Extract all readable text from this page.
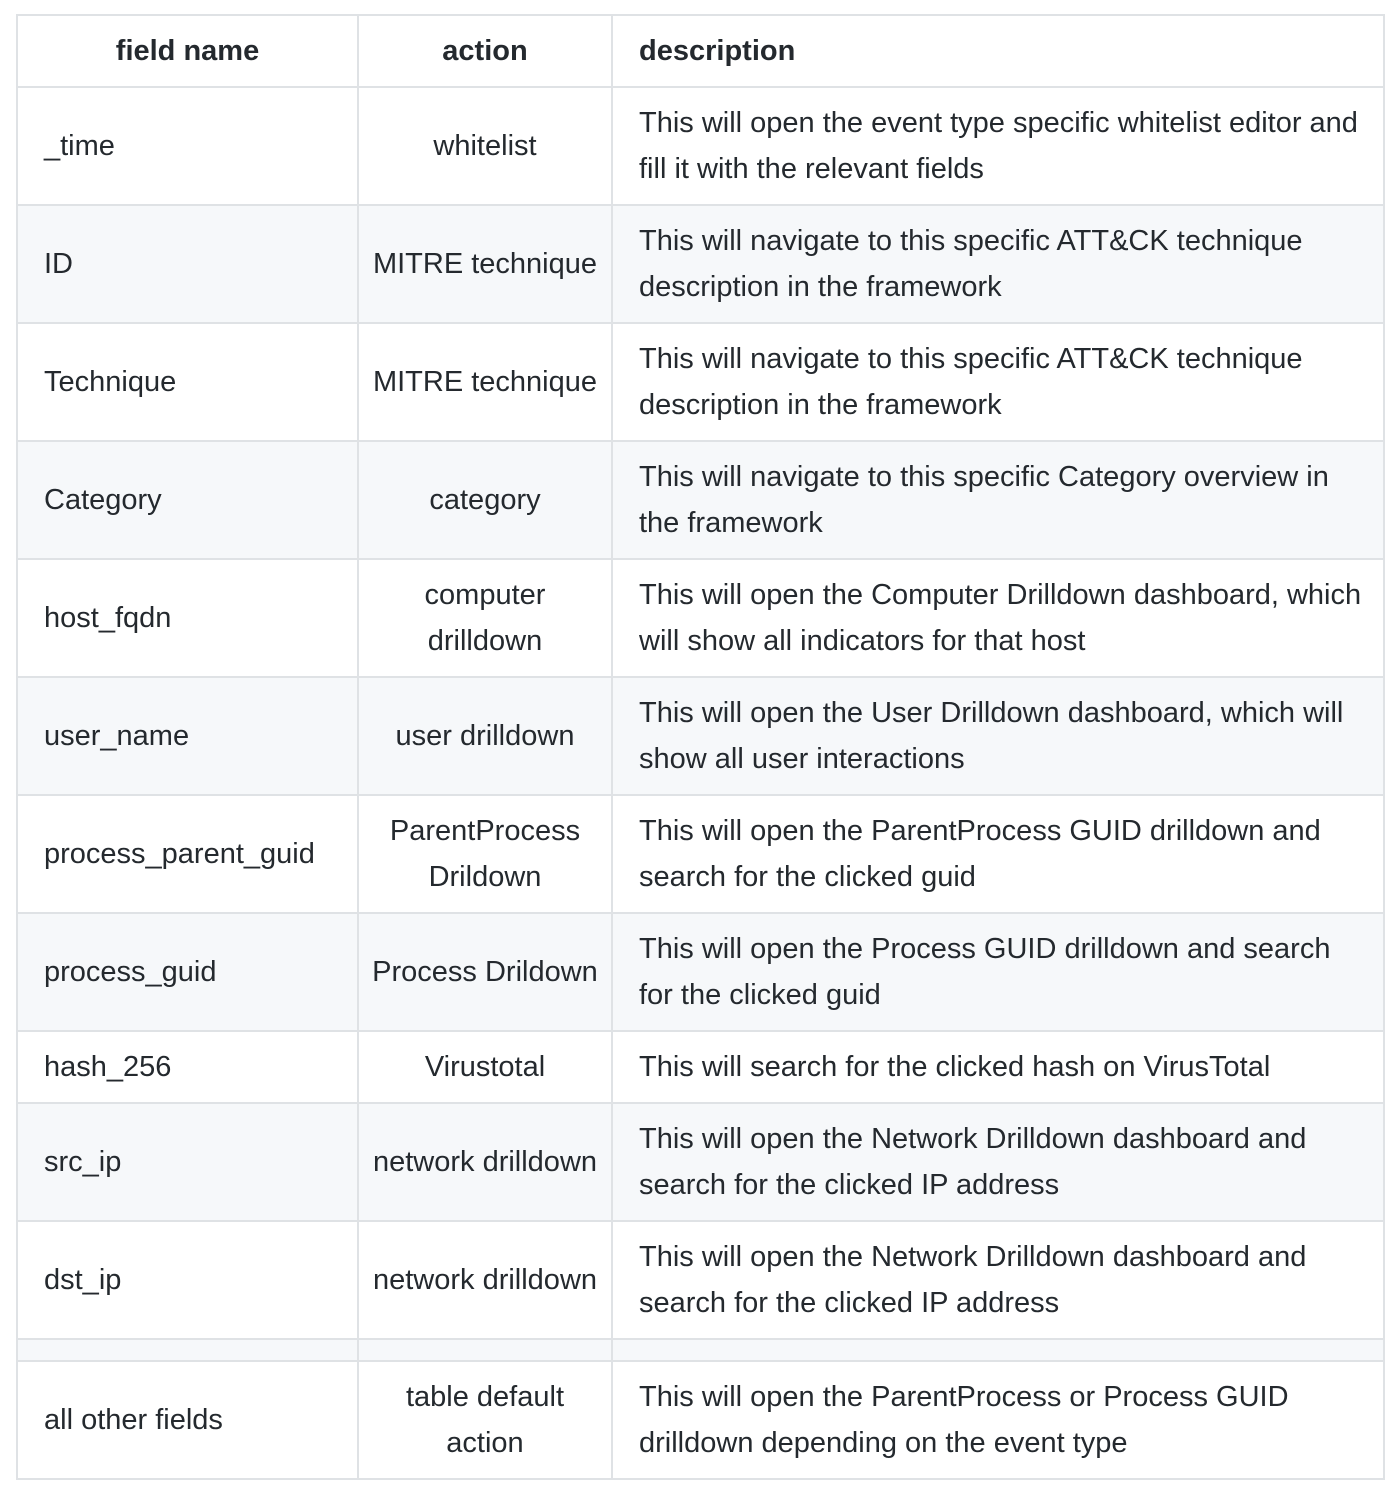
field name	action	description
_time	whitelist	This will open the event type specific whitelist editor and fill it with the relevant fields
ID	MITRE technique	This will navigate to this specific ATT&CK technique description in the framework
Technique	MITRE technique	This will navigate to this specific ATT&CK technique description in the framework
Category	category	This will navigate to this specific Category overview in the framework
host_fqdn	computer drilldown	This will open the Computer Drilldown dashboard, which will show all indicators for that host
user_name	user drilldown	This will open the User Drilldown dashboard, which will show all user interactions
process_parent_guid	ParentProcess Drildown	This will open the ParentProcess GUID drilldown and search for the clicked guid
process_guid	Process Drildown	This will open the Process GUID drilldown and search for the clicked guid
hash_256	Virustotal	This will search for the clicked hash on VirusTotal
src_ip	network drilldown	This will open the Network Drilldown dashboard and search for the clicked IP address
dst_ip	network drilldown	This will open the Network Drilldown dashboard and search for the clicked IP address

all other fields	table default action	This will open the ParentProcess or Process GUID drilldown depending on the event type
